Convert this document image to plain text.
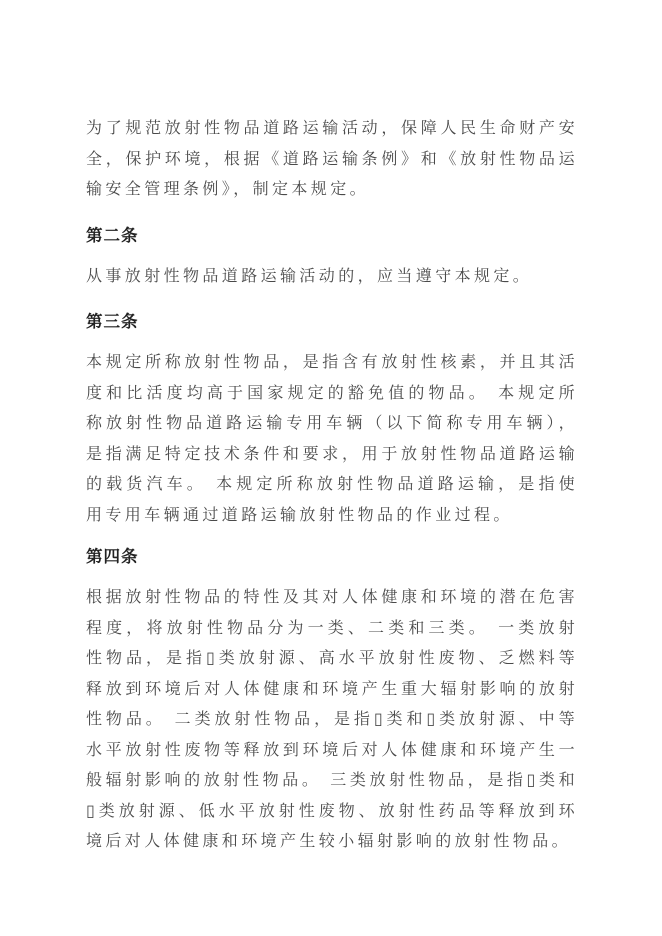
为了规范放射性物品道路运输活动，保障人民生命财产安全，保护环境，根据《道路运输条例》和《放射性物品运输安全管理条例》，制定本规定。

第二条

从事放射性物品道路运输活动的，应当遵守本规定。

第三条

本规定所称放射性物品，是指含有放射性核素，并且其活度和比活度均高于国家规定的豁免值的物品。 本规定所称放射性物品道路运输专用车辆（以下简称专用车辆），是指满足特定技术条件和要求，用于放射性物品道路运输的载货汽车。 本规定所称放射性物品道路运输，是指使用专用车辆通过道路运输放射性物品的作业过程。

第四条

根据放射性物品的特性及其对人体健康和环境的潜在危害程度，将放射性物品分为一类、二类和三类。 一类放射性物品，是指▯类放射源、高水平放射性废物、乏燃料等释放到环境后对人体健康和环境产生重大辐射影响的放射性物品。 二类放射性物品，是指▯类和▯类放射源、中等水平放射性废物等释放到环境后对人体健康和环境产生一般辐射影响的放射性物品。 三类放射性物品，是指▯类和▯类放射源、低水平放射性废物、放射性药品等释放到环境后对人体健康和环境产生较小辐射影响的放射性物品。
